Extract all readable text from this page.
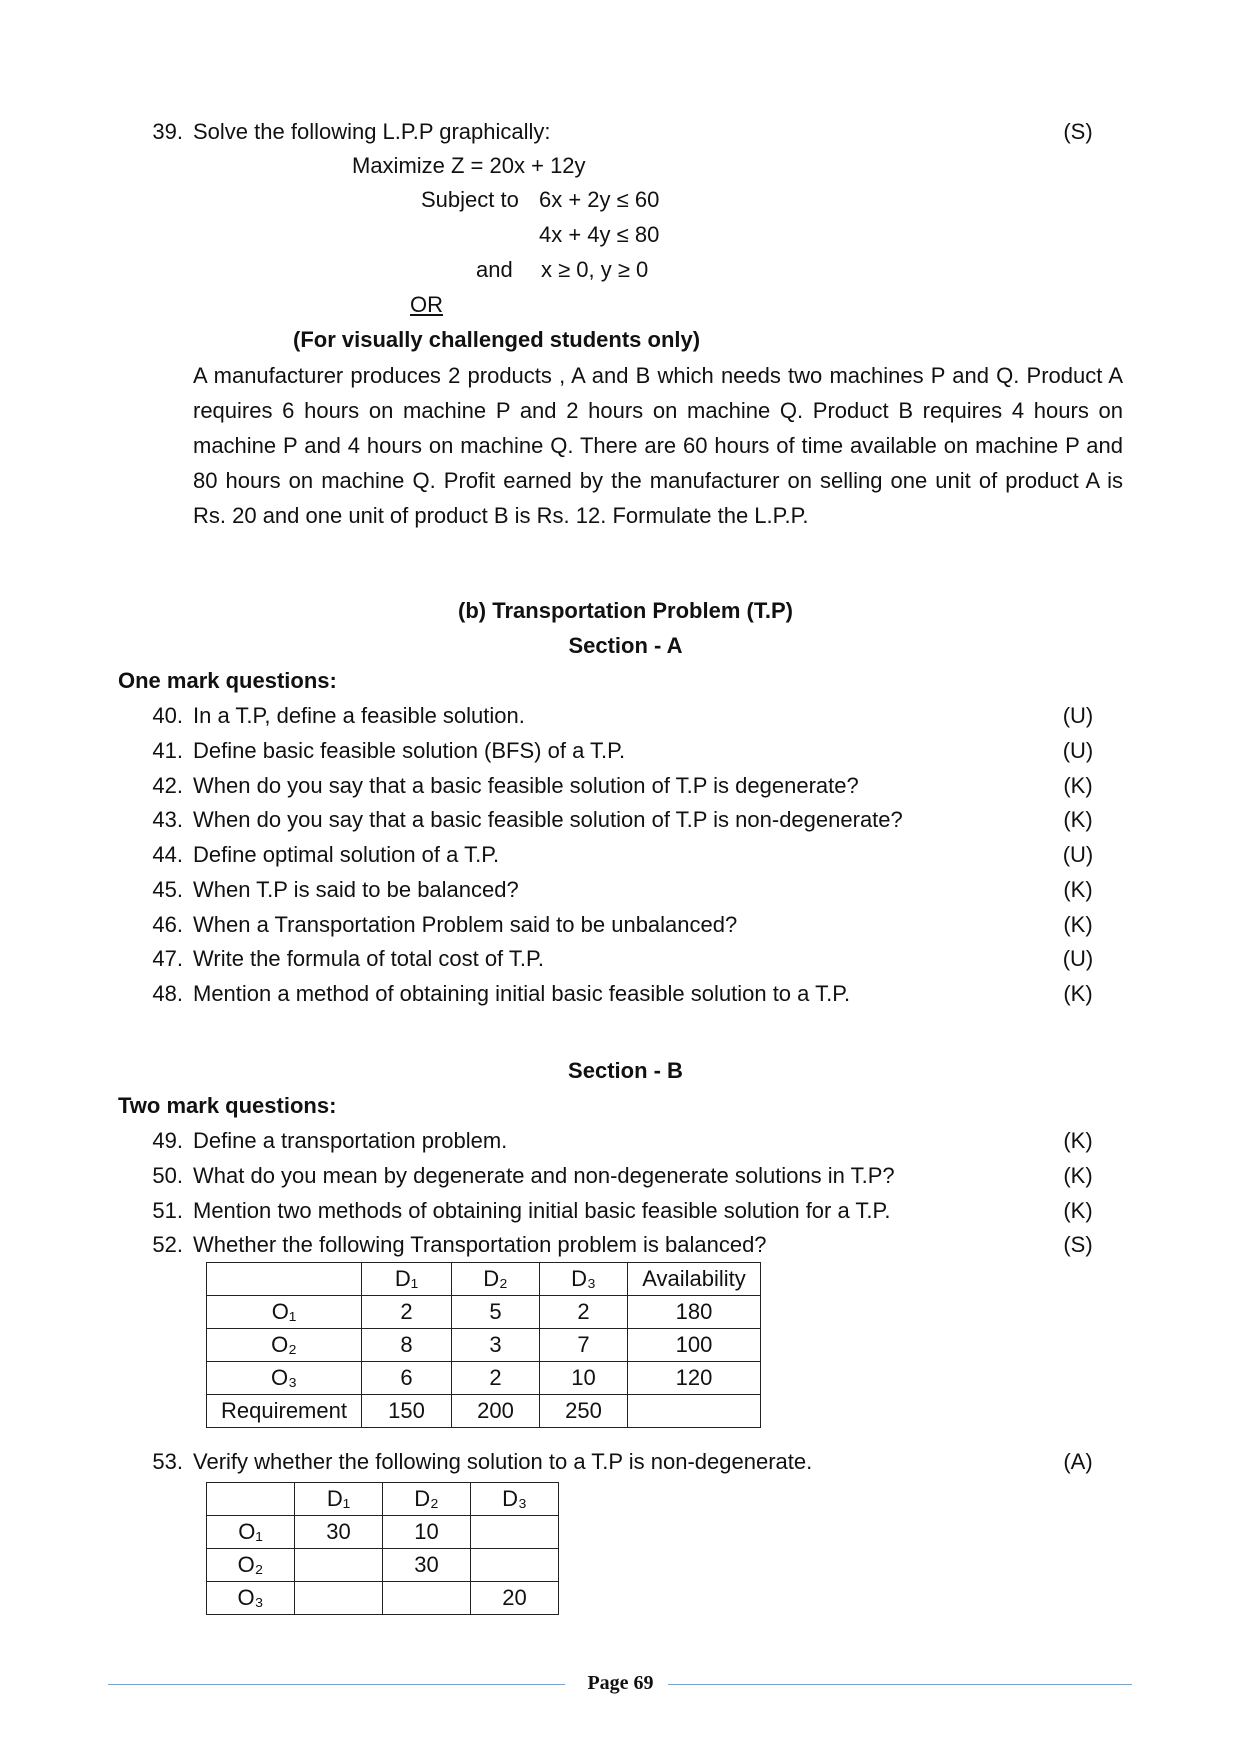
39. Solve the following L.P.P graphically:	(S)
Maximize Z = 20x + 12y
Subject to 6x + 2y ≤ 60
4x + 4y ≤ 80
and x ≥ 0, y ≥ 0
OR
(For visually challenged students only)
A manufacturer produces 2 products , A and B which needs two machines P and Q. Product A requires 6 hours on machine P and 2 hours on machine Q. Product B requires 4 hours on machine P and 4 hours on machine Q. There are 60 hours of time available on machine P and 80 hours on machine Q. Profit earned by the manufacturer on selling one unit of product A is Rs. 20 and one unit of product B is Rs. 12. Formulate the L.P.P.
(b) Transportation Problem (T.P)
Section - A
One mark questions:
40. In a T.P, define a feasible solution.	(U)
41. Define basic feasible solution (BFS) of a T.P.	(U)
42. When do you say that a basic feasible solution of T.P is degenerate?	(K)
43. When do you say that a basic feasible solution of T.P is non-degenerate?	(K)
44. Define optimal solution of a T.P.	(U)
45. When T.P is said to be balanced?	(K)
46. When a Transportation Problem said to be unbalanced?	(K)
47. Write the formula of total cost of T.P.	(U)
48. Mention a method of obtaining initial basic feasible solution to a T.P.	(K)
Section - B
Two mark questions:
49. Define a transportation problem.	(K)
50. What do you mean by degenerate and non-degenerate solutions in T.P?	(K)
51. Mention two methods of obtaining initial basic feasible solution for a T.P.	(K)
52. Whether the following Transportation problem is balanced?	(S)
	D₁	D₂	D₃	Availability
O₁	2	5	2	180
O₂	8	3	7	100
O₃	6	2	10	120
Requirement	150	200	250	
53. Verify whether the following solution to a T.P is non-degenerate.	(A)
	D₁	D₂	D₃
O₁	30	10	
O₂		30	
O₃			20
Page 69
